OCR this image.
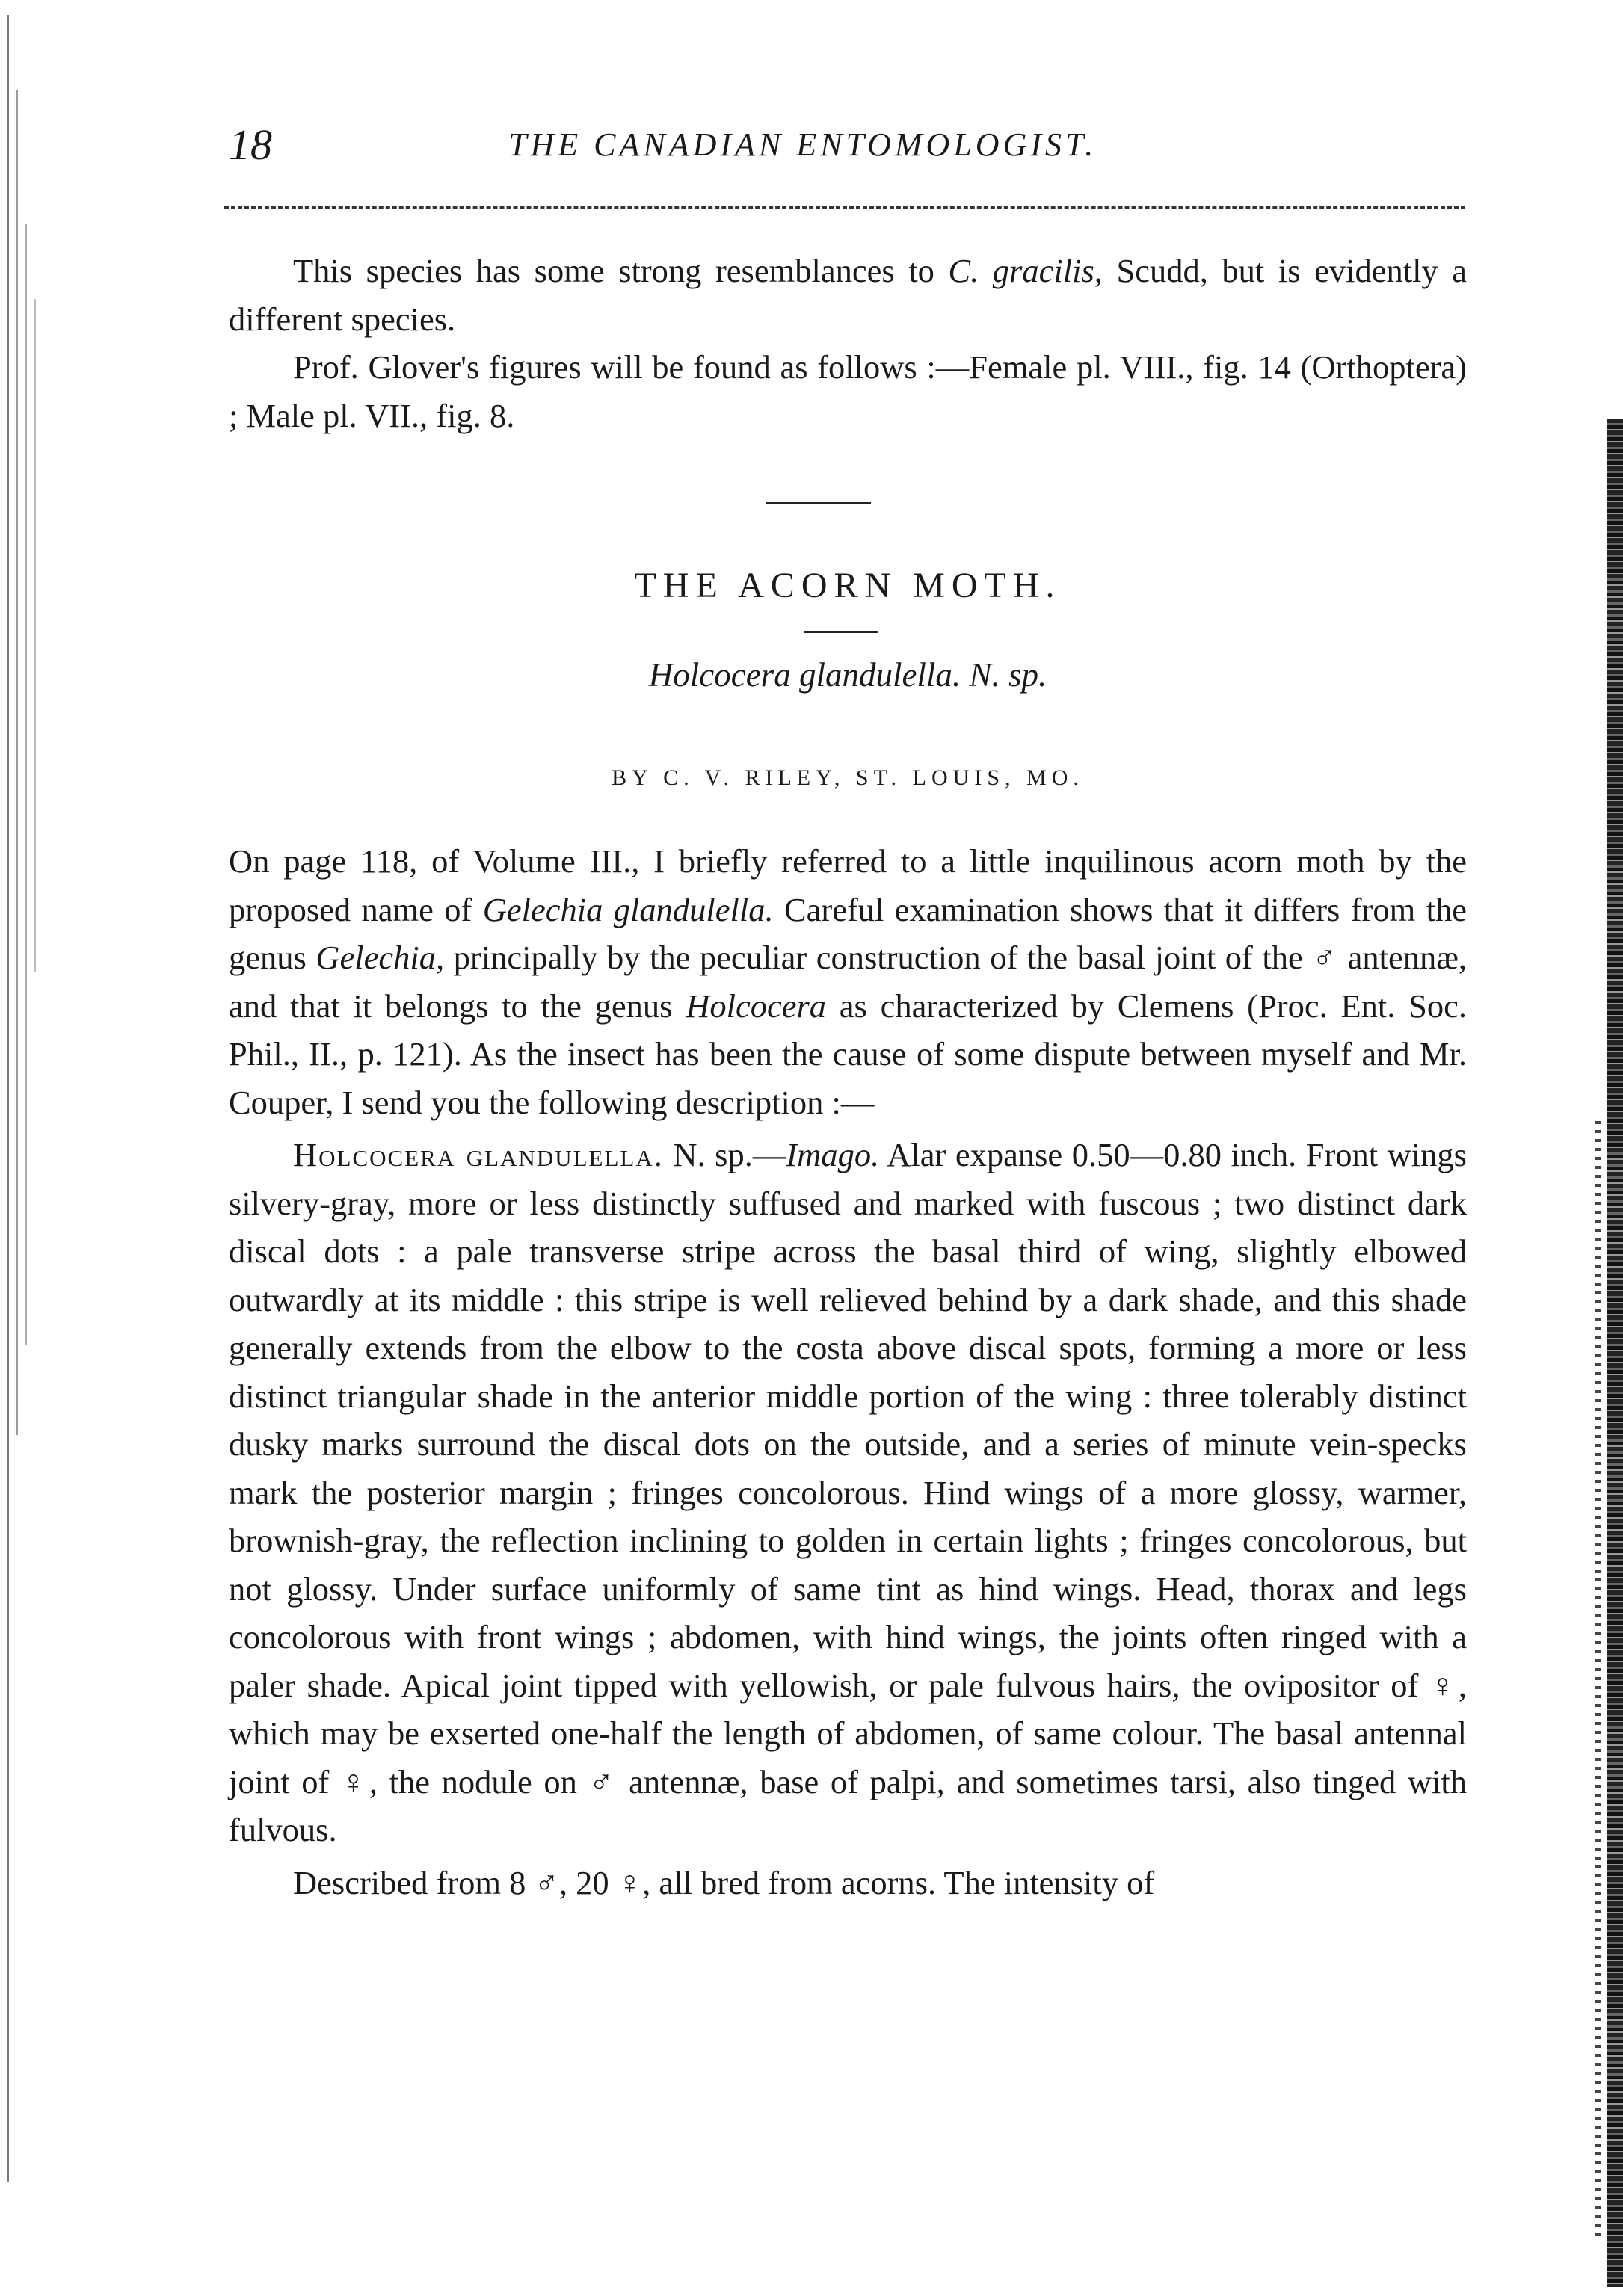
18	THE CANADIAN ENTOMOLOGIST.

This species has some strong resemblances to C. gracilis, Scudd, but is evidently a different species.

Prof. Glover's figures will be found as follows :—Female pl. VIII., fig. 14 (Orthoptera) ; Male pl. VII., fig. 8.

THE ACORN MOTH.
Holcocera glandulella. N. sp.
BY C. V. RILEY, ST. LOUIS, MO.

On page 118, of Volume III., I briefly referred to a little inquilinous acorn moth by the proposed name of Gelechia glandulella. Careful examination shows that it differs from the genus Gelechia, principally by the peculiar construction of the basal joint of the ♂ antennæ, and that it belongs to the genus Holcocera as characterized by Clemens (Proc. Ent. Soc. Phil., II., p. 121). As the insect has been the cause of some dispute between myself and Mr. Couper, I send you the following description :—

Holcocera glandulella. N. sp.—Imago. Alar expanse 0.50—0.80 inch. Front wings silvery-gray, more or less distinctly suffused and marked with fuscous ; two distinct dark discal dots : a pale transverse stripe across the basal third of wing, slightly elbowed outwardly at its middle : this stripe is well relieved behind by a dark shade, and this shade generally extends from the elbow to the costa above discal spots, forming a more or less distinct triangular shade in the anterior middle portion of the wing : three tolerably distinct dusky marks surround the discal dots on the outside, and a series of minute vein-specks mark the posterior margin ; fringes concolorous. Hind wings of a more glossy, warmer, brownish-gray, the reflection inclining to golden in certain lights ; fringes concolorous, but not glossy. Under surface uniformly of same tint as hind wings. Head, thorax and legs concolorous with front wings ; abdomen, with hind wings, the joints often ringed with a paler shade. Apical joint tipped with yellowish, or pale fulvous hairs, the ovipositor of ♀, which may be exserted one-half the length of abdomen, of same colour. The basal antennal joint of ♀, the nodule on ♂ antennæ, base of palpi, and sometimes tarsi, also tinged with fulvous.

Described from 8 ♂, 20 ♀, all bred from acorns. The intensity of
